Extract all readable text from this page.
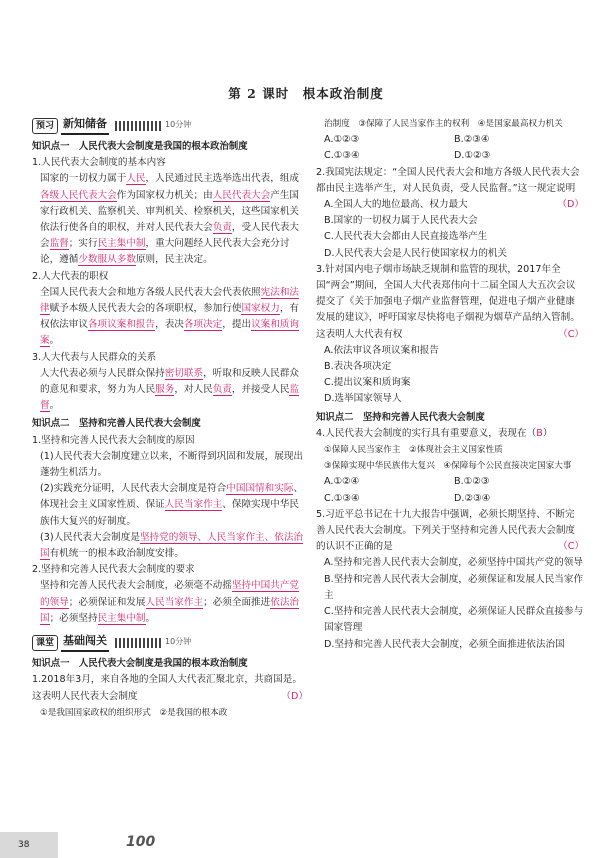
第 2 课时　根本政治制度
预习 新知储备	10分钟
知识点一　人民代表大会制度是我国的根本政治制度
1.人民代表大会制度的基本内容
国家的一切权力属于人民，人民通过民主选举选出代表，组成各级人民代表大会作为国家权力机关；由人民代表大会产生国家行政机关、监察机关、审判机关、检察机关，这些国家机关依法行使各自的职权，并对人民代表大会负责，受人民代表大会监督；实行民主集中制，重大问题经人民代表大会充分讨论，遵循少数服从多数原则，民主决定。
2.人大代表的职权
全国人民代表大会和地方各级人民代表大会代表依照宪法和法律赋予本级人民代表大会的各项职权，参加行使国家权力，有权依法审议各项议案和报告，表决各项决定，提出议案和质询案。
3.人大代表与人民群众的关系
人大代表必须与人民群众保持密切联系，听取和反映人民群众的意见和要求，努力为人民服务，对人民负责，并接受人民监督。
知识点二　坚持和完善人民代表大会制度
1.坚持和完善人民代表大会制度的原因
(1)人民代表大会制度建立以来，不断得到巩固和发展，展现出蓬勃生机活力。
(2)实践充分证明，人民代表大会制度是符合中国国情和实际、体现社会主义国家性质、保证人民当家作主、保障实现中华民族伟大复兴的好制度。
(3)人民代表大会制度是坚持党的领导、人民当家作主、依法治国有机统一的根本政治制度安排。
2.坚持和完善人民代表大会制度的要求
坚持和完善人民代表大会制度，必须毫不动摇坚持中国共产党的领导；必须保证和发展人民当家作主；必须全面推进依法治国；必须坚持民主集中制。
课堂 基础闯关	10分钟
知识点一　人民代表大会制度是我国的根本政治制度
1.2018年3月，来自各地的全国人大代表汇聚北京，共商国是。这表明人民代表大会制度	（D）
①是我国国家政权的组织形式　②是我国的根本政
治制度　③保障了人民当家作主的权利　④是国家最高权力机关
A.①②③	B.②③④
C.①③④	D.①②③
2.我国宪法规定：“全国人民代表大会和地方各级人民代表大会都由民主选举产生，对人民负责，受人民监督。”这一规定说明
（D）
A.全国人大的地位最高、权力最大
B.国家的一切权力属于人民代表大会
C.人民代表大会都由人民直接选举产生
D.人民代表大会是人民行使国家权力的机关
3.针对国内电子烟市场缺乏规制和监管的现状，2017年全国“两会”期间，全国人大代表郑伟向十二届全国人大五次会议提交了《关于加强电子烟产业监督管理，促进电子烟产业健康发展的建议》，呼吁国家尽快将电子烟视为烟草产品纳入管制。这表明人大代表有权	（C）
A.依法审议各项议案和报告
B.表决各项决定
C.提出议案和质询案
D.选举国家领导人
知识点二　坚持和完善人民代表大会制度
4.人民代表大会制度的实行具有重要意义，表现在（B）
①保障人民当家作主　②体现社会主义国家性质
③保障实现中华民族伟大复兴　④保障每个公民直接决定国家大事
A.①②④	B.①②③
C.①③④	D.②③④
5.习近平总书记在十九大报告中强调，必须长期坚持、不断完善人民代表大会制度。下列关于坚持和完善人民代表大会制度的认识不正确的是	（C）
A.坚持和完善人民代表大会制度，必须坚持中国共产党的领导
B.坚持和完善人民代表大会制度，必须保证和发展人民当家作主
C.坚持和完善人民代表大会制度，必须保证人民群众直接参与国家管理
D.坚持和完善人民代表大会制度，必须全面推进依法治国
38	100
